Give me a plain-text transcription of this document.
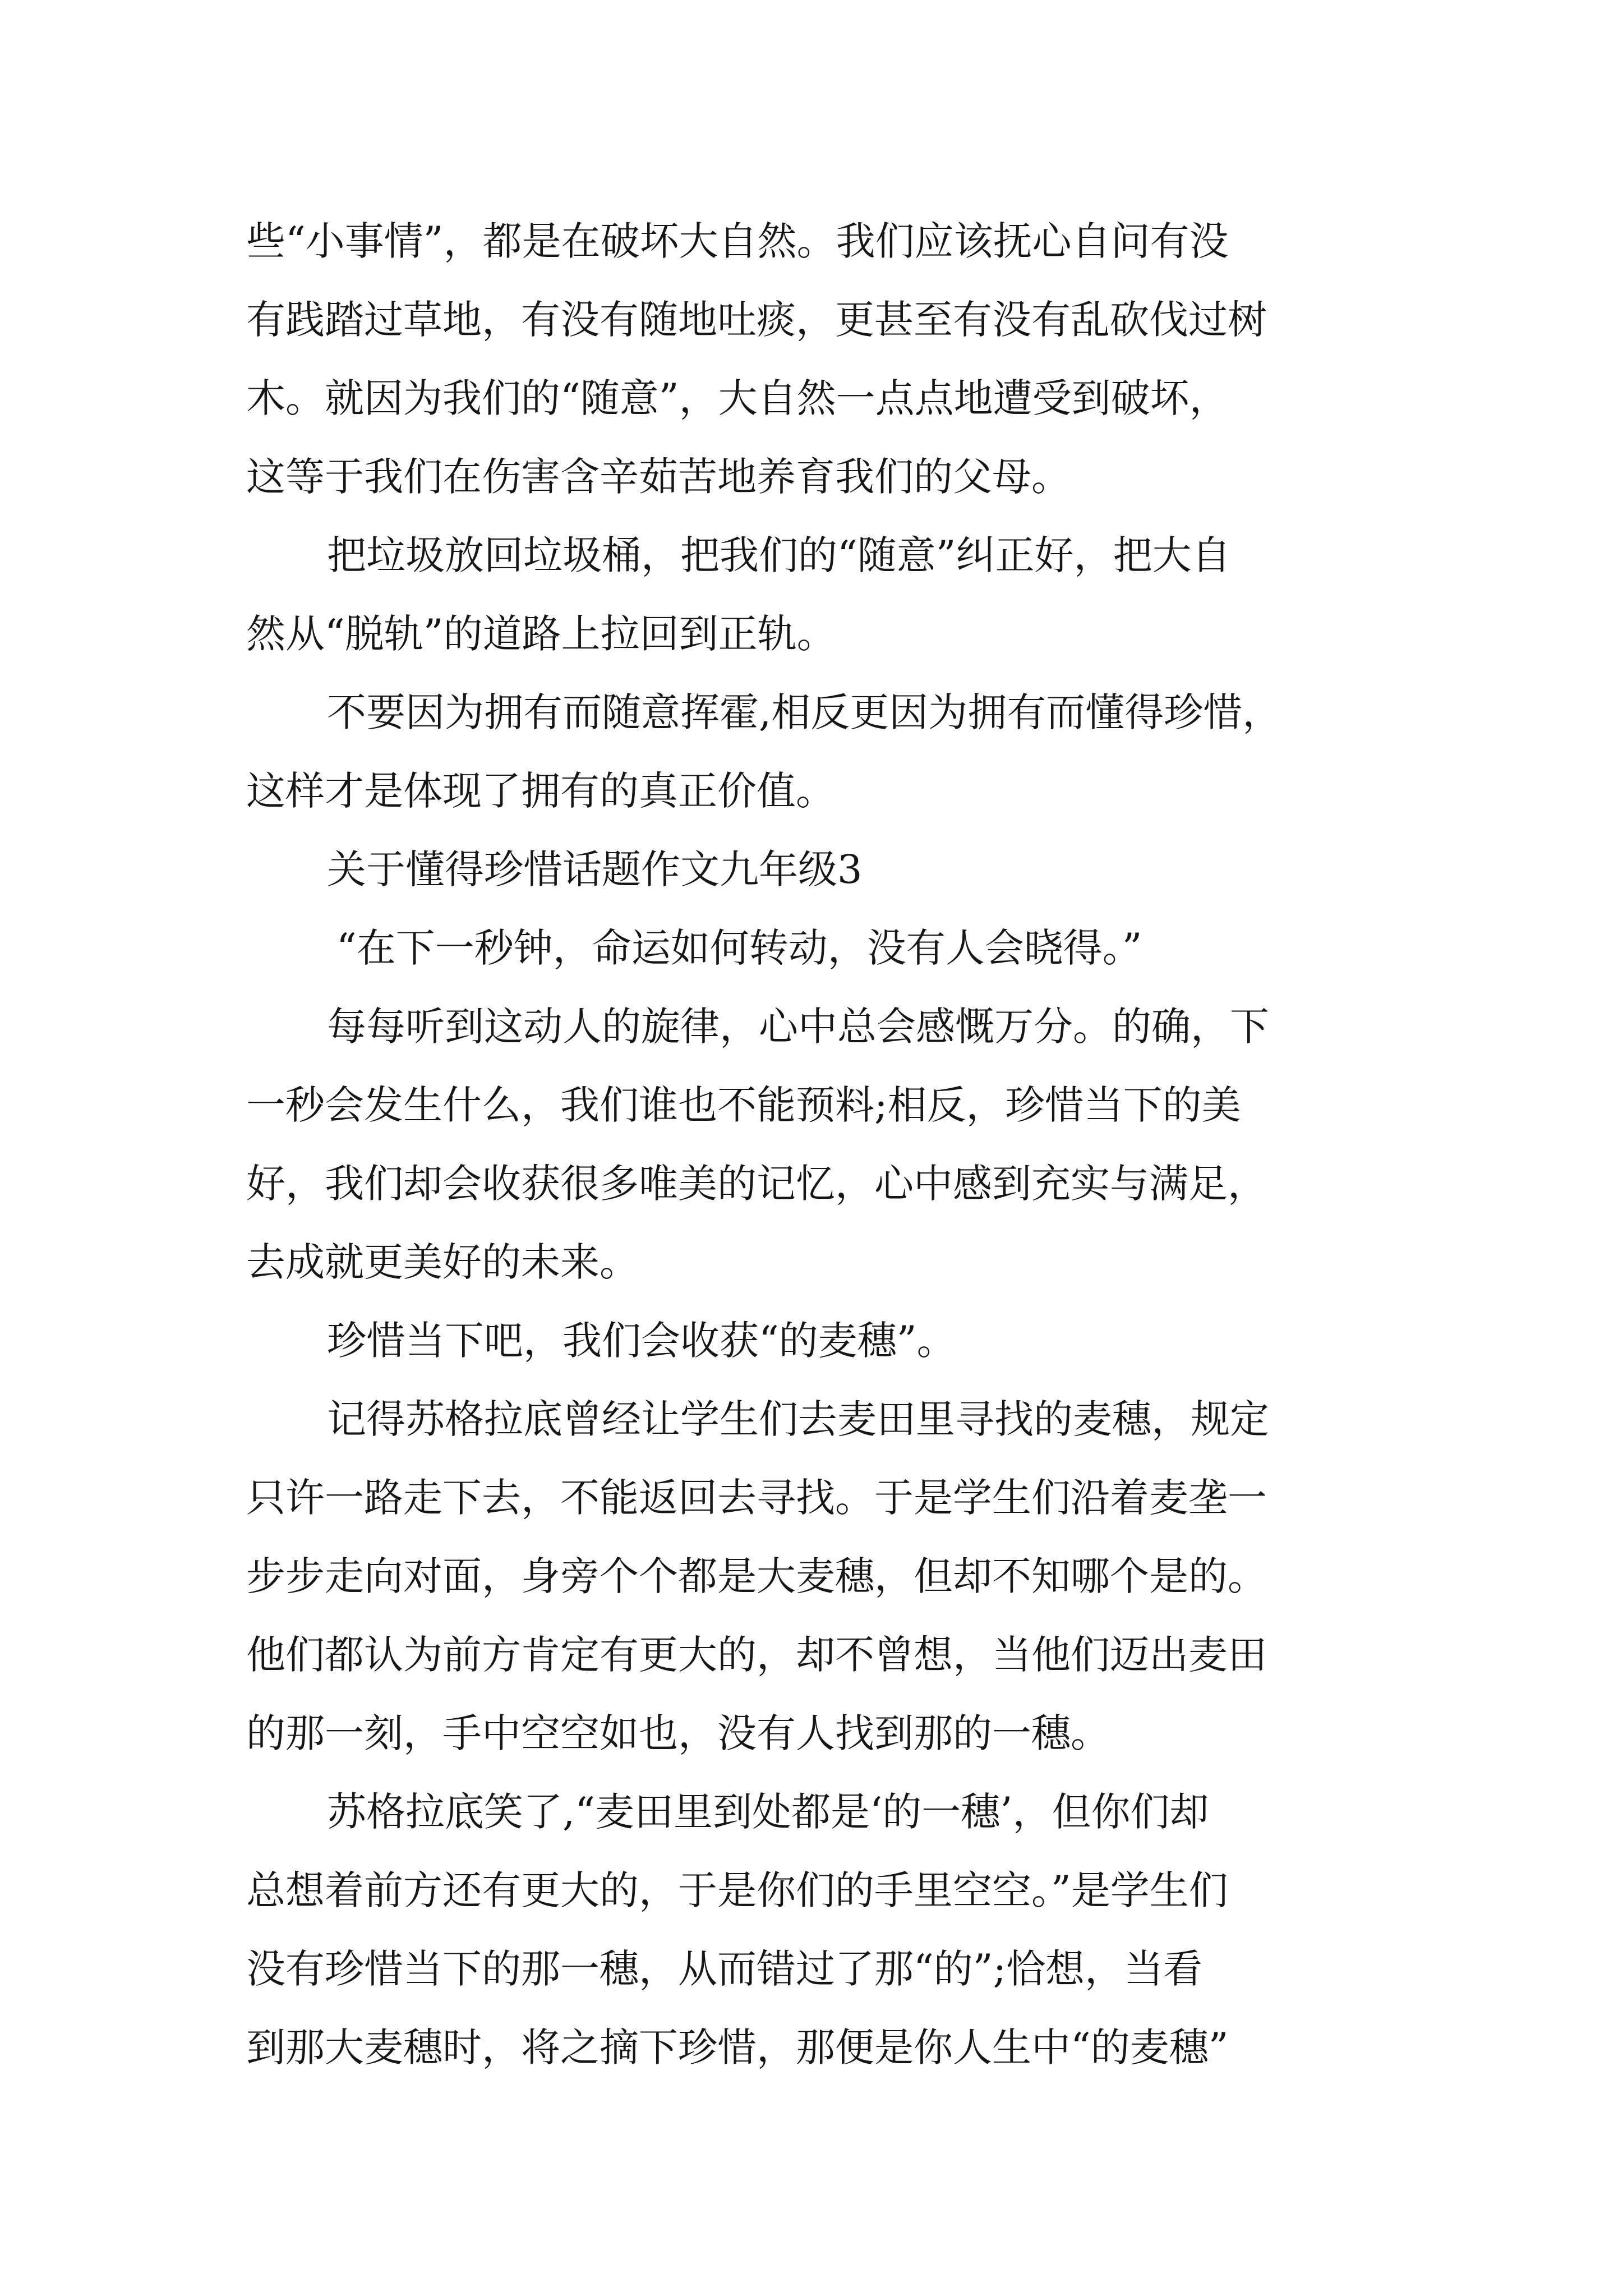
些“小事情”，都是在破坏大自然。我们应该抚心自问有没
有践踏过草地，有没有随地吐痰，更甚至有没有乱砍伐过树
木。就因为我们的“随意”，大自然一点点地遭受到破坏，
这等于我们在伤害含辛茹苦地养育我们的父母。
把垃圾放回垃圾桶，把我们的“随意”纠正好，把大自
然从“脱轨”的道路上拉回到正轨。
不要因为拥有而随意挥霍,相反更因为拥有而懂得珍惜，
这样才是体现了拥有的真正价值。
关于懂得珍惜话题作文九年级3
“在下一秒钟，命运如何转动，没有人会晓得。”
每每听到这动人的旋律，心中总会感慨万分。的确，下
一秒会发生什么，我们谁也不能预料;相反，珍惜当下的美
好，我们却会收获很多唯美的记忆，心中感到充实与满足，
去成就更美好的未来。
珍惜当下吧，我们会收获“的麦穗”。
记得苏格拉底曾经让学生们去麦田里寻找的麦穗，规定
只许一路走下去，不能返回去寻找。于是学生们沿着麦垄一
步步走向对面，身旁个个都是大麦穗，但却不知哪个是的。
他们都认为前方肯定有更大的，却不曾想，当他们迈出麦田
的那一刻，手中空空如也，没有人找到那的一穗。
苏格拉底笑了,“麦田里到处都是‘的一穗’，但你们却
总想着前方还有更大的，于是你们的手里空空。”是学生们
没有珍惜当下的那一穗，从而错过了那“的”;恰想，当看
到那大麦穗时，将之摘下珍惜，那便是你人生中“的麦穗”
